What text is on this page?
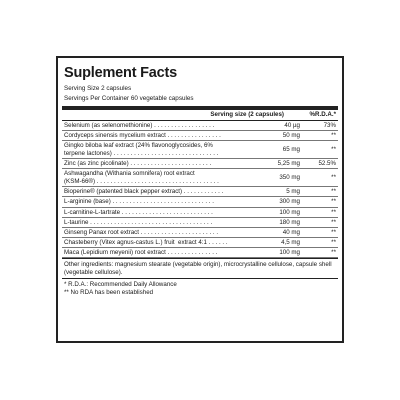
Suplement Facts
Serving Size 2 capsules
Servings Per Container 60 vegetable capsules
Serving size (2 capsules)	%R.D.A.*
Selenium (as selenomethionine) . . . . . . . . . . . . . . . . . .	40 µg	73%
Cordyceps sinensis mycelium extract . . . . . . . . . . . . . . . .	50 mg	**
Gingko biloba leaf extract (24% flavonoglycosides, 6%
terpene lactones) . . . . . . . . . . . . . . . . . . . . . . . . . . . . . . .
65 mg	**
Zinc (as zinc picolinate) . . . . . . . . . . . . . . . . . . . . . . . .	5,25 mg	52.5%
Ashwagandha (Withania somnifera) root extract
(KSM-66®) . . . . . . . . . . . . . . . . . . . . . . . . . . . . . . . . . . . .
350 mg	**
Bioperine® (patented black pepper extract) . . . . . . . . . . . .	5 mg	**
L-arginine (base) . . . . . . . . . . . . . . . . . . . . . . . . . . . . . .	300 mg	**
L-carnitine-L-tartrate . . . . . . . . . . . . . . . . . . . . . . . . . . .	100 mg	**
L-taurine . . . . . . . . . . . . . . . . . . . . . . . . . . . . . . . . . . . .	180 mg	**
Ginseng Panax root extract . . . . . . . . . . . . . . . . . . . . . . .	40 mg	**
Chasteberry (Vitex agnus-castus L.) fruit  extract 4:1 . . . . . .	4,5 mg	**
Maca (Lepidium meyenii) root extract . . . . . . . . . . . . . . .	100 mg	**
Other ingredients: magnesium stearate (vegetable origin), microcrystalline cellulose, capsule shell (vegetable cellulose).
* R.D.A.: Recommended Daily Allowance
** No RDA has been established
